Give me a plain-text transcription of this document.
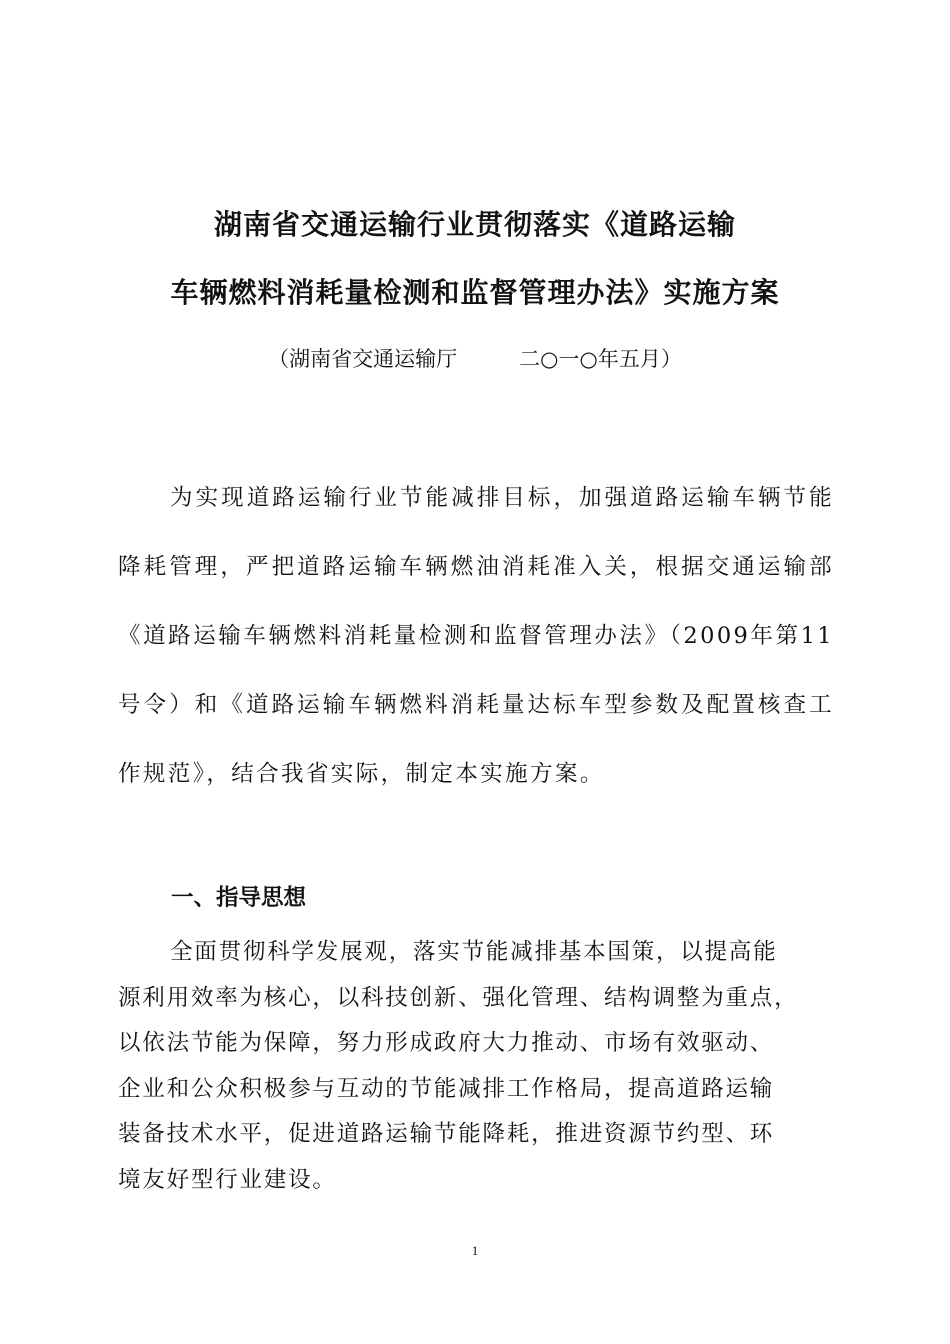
湖南省交通运输行业贯彻落实《道路运输
车辆燃料消耗量检测和监督管理办法》实施方案
（湖南省交通运输厅	二○一○年五月）

为实现道路运输行业节能减排目标，加强道路运输车辆节能降耗管理，严把道路运输车辆燃油消耗准入关，根据交通运输部《道路运输车辆燃料消耗量检测和监督管理办法》（2009年第11号令）和《道路运输车辆燃料消耗量达标车型参数及配置核查工作规范》，结合我省实际，制定本实施方案。

一、指导思想

全面贯彻科学发展观，落实节能减排基本国策，以提高能
源利用效率为核心，以科技创新、强化管理、结构调整为重点，
以依法节能为保障，努力形成政府大力推动、市场有效驱动、
企业和公众积极参与互动的节能减排工作格局，提高道路运输
装备技术水平，促进道路运输节能降耗，推进资源节约型、环
境友好型行业建设。
1
